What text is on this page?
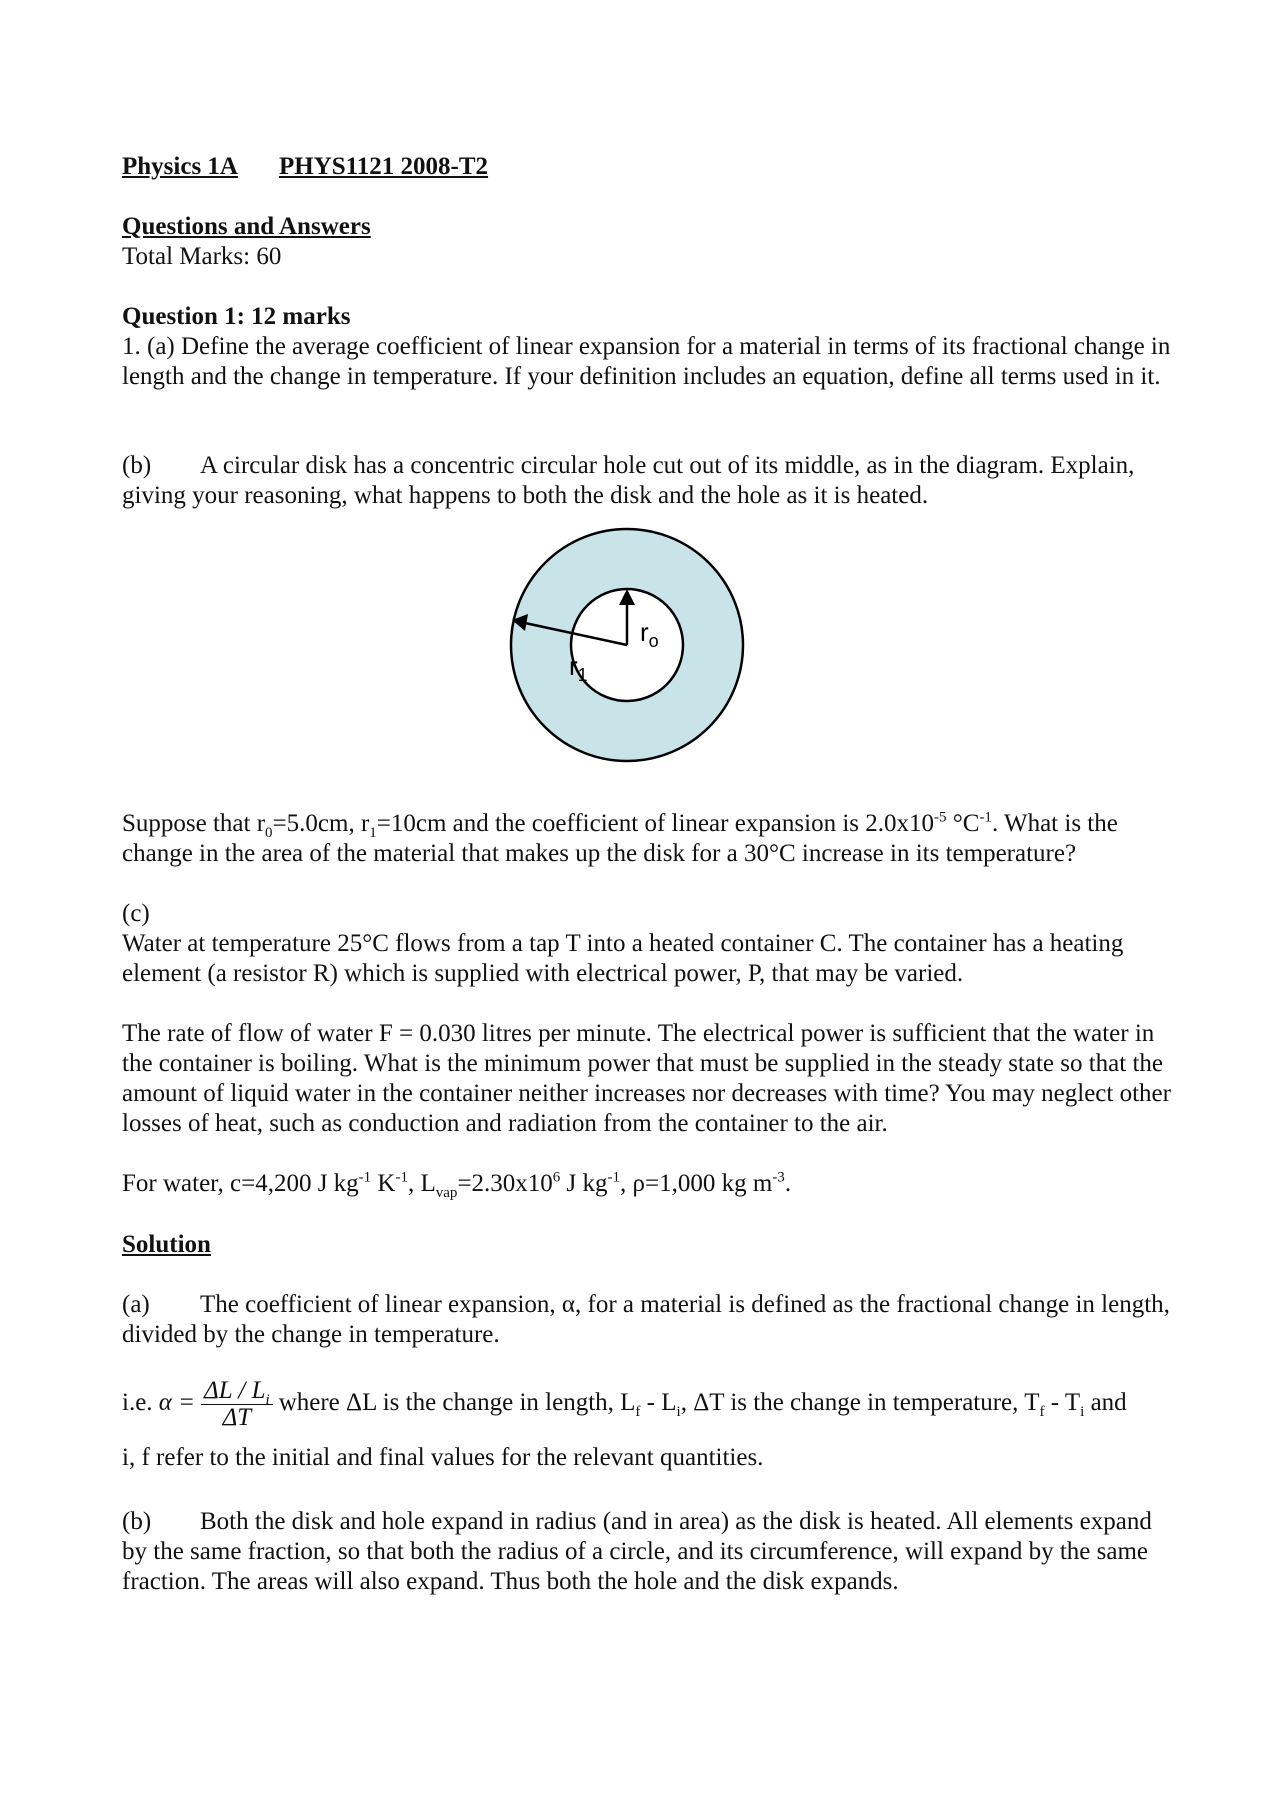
Physics 1A PHYS1121 2008-T2
Questions and Answers
Total Marks: 60
Question 1: 12 marks
1. (a) Define the average coefficient of linear expansion for a material in terms of its fractional change in length and the change in temperature. If your definition includes an equation, define all terms used in it.
(b) A circular disk has a concentric circular hole cut out of its middle, as in the diagram. Explain, giving your reasoning, what happens to both the disk and the hole as it is heated.
$r_o$
$r_1$
Suppose that $r_0=5.0cm$, $r_1=10cm$ and the coefficient of linear expansion is $2.0x10^{-5}$ $^\circ C^{-1}$. What is the change in the area of the material that makes up the disk for a 30°C increase in its temperature?
(c)
Water at temperature 25°C flows from a tap T into a heated container C. The container has a heating element (a resistor R) which is supplied with electrical power, P, that may be varied.
The rate of flow of water F = 0.030 litres per minute. The electrical power is sufficient that the water in the container is boiling. What is the minimum power that must be supplied in the steady state so that the amount of liquid water in the container neither increases nor decreases with time? You may neglect other losses of heat, such as conduction and radiation from the container to the air.
For water, c=4,200 J $kg^{-1}$ $K^{-1}$, $L_{vap}=2.30x10^6$ J $kg^{-1}$, ρ=1,000 kg $m^{-3}$.
Solution
(a) The coefficient of linear expansion, α, for a material is defined as the fractional change in length, divided by the change in temperature.
i.e. $\alpha = \frac{\Delta L / L_i}{\Delta T}$ where ΔL is the change in length, $L_f - L_i$, ΔT is the change in temperature, $T_f - T_i$ and
i, f refer to the initial and final values for the relevant quantities.
(b) Both the disk and hole expand in radius (and in area) as the disk is heated. All elements expand by the same fraction, so that both the radius of a circle, and its circumference, will expand by the same fraction. The areas will also expand. Thus both the hole and the disk expands.
